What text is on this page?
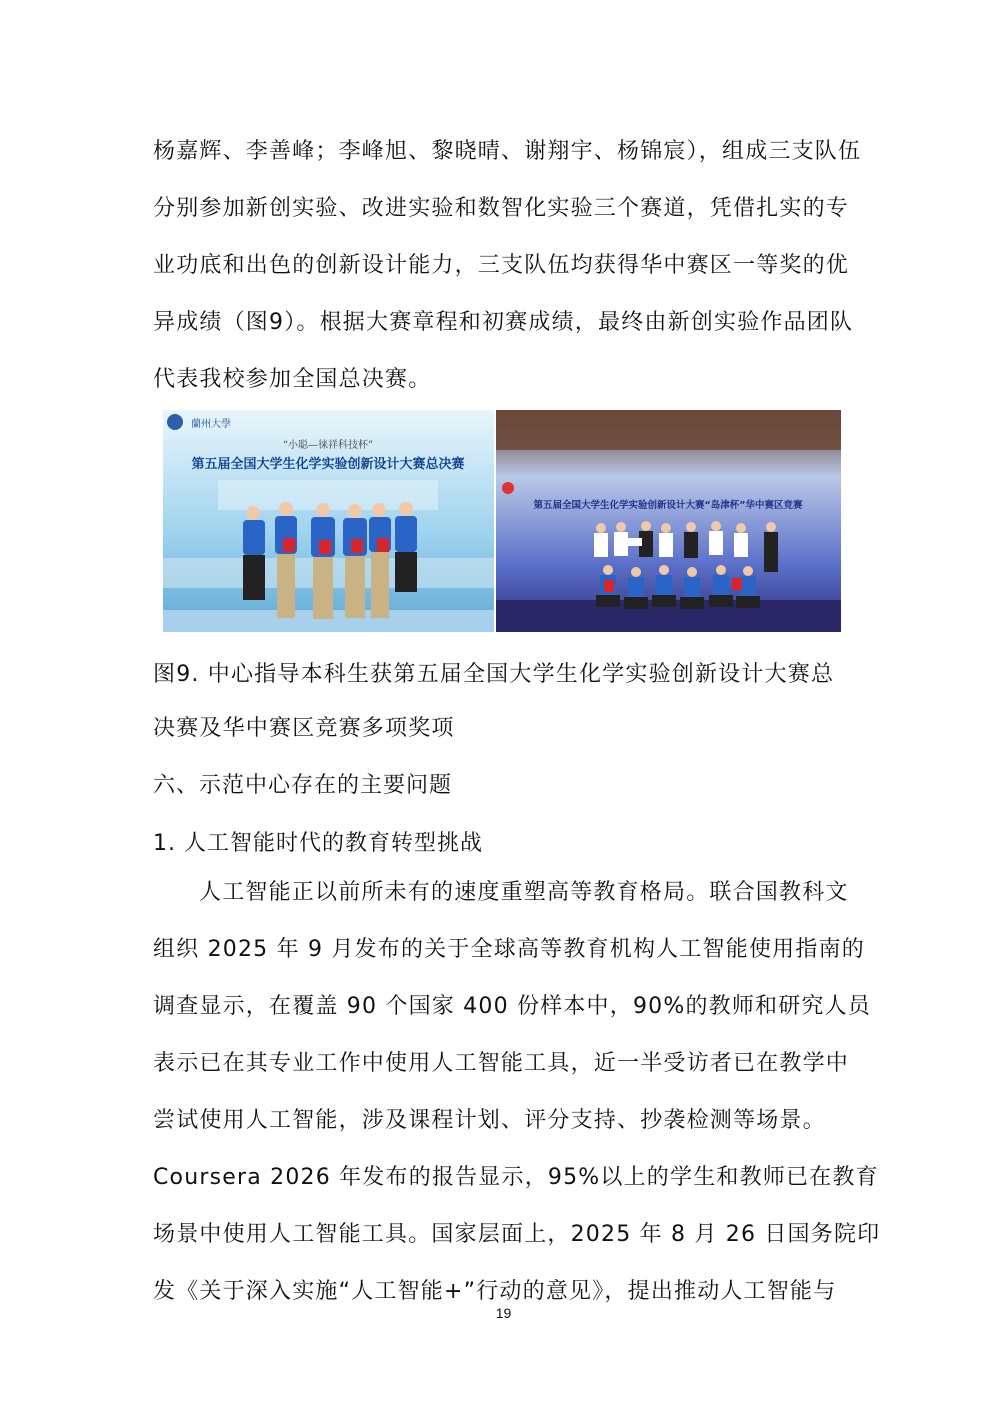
杨嘉辉、李善峰；李峰旭、黎晓晴、谢翔宇、杨锦宸），组成三支队伍
分别参加新创实验、改进实验和数智化实验三个赛道，凭借扎实的专
业功底和出色的创新设计能力，三支队伍均获得华中赛区一等奖的优
异成绩（图9）。根据大赛章程和初赛成绩，最终由新创实验作品团队
代表我校参加全国总决赛。
蘭州大學
“小聪—徕祥科技杯”
第五届全国大学生化学实验创新设计大赛总决赛
第五届全国大学生化学实验创新设计大赛“岛津杯”华中赛区竞赛
图9. 中心指导本科生获第五届全国大学生化学实验创新设计大赛总
决赛及华中赛区竞赛多项奖项
六、示范中心存在的主要问题
1. 人工智能时代的教育转型挑战
人工智能正以前所未有的速度重塑高等教育格局。联合国教科文
组织 2025 年 9 月发布的关于全球高等教育机构人工智能使用指南的
调查显示，在覆盖 90 个国家 400 份样本中，90%的教师和研究人员
表示已在其专业工作中使用人工智能工具，近一半受访者已在教学中
尝试使用人工智能，涉及课程计划、评分支持、抄袭检测等场景。
Coursera 2026 年发布的报告显示，95%以上的学生和教师已在教育
场景中使用人工智能工具。国家层面上，2025 年 8 月 26 日国务院印
发《关于深入实施“人工智能+”行动的意见》，提出推动人工智能与
19
